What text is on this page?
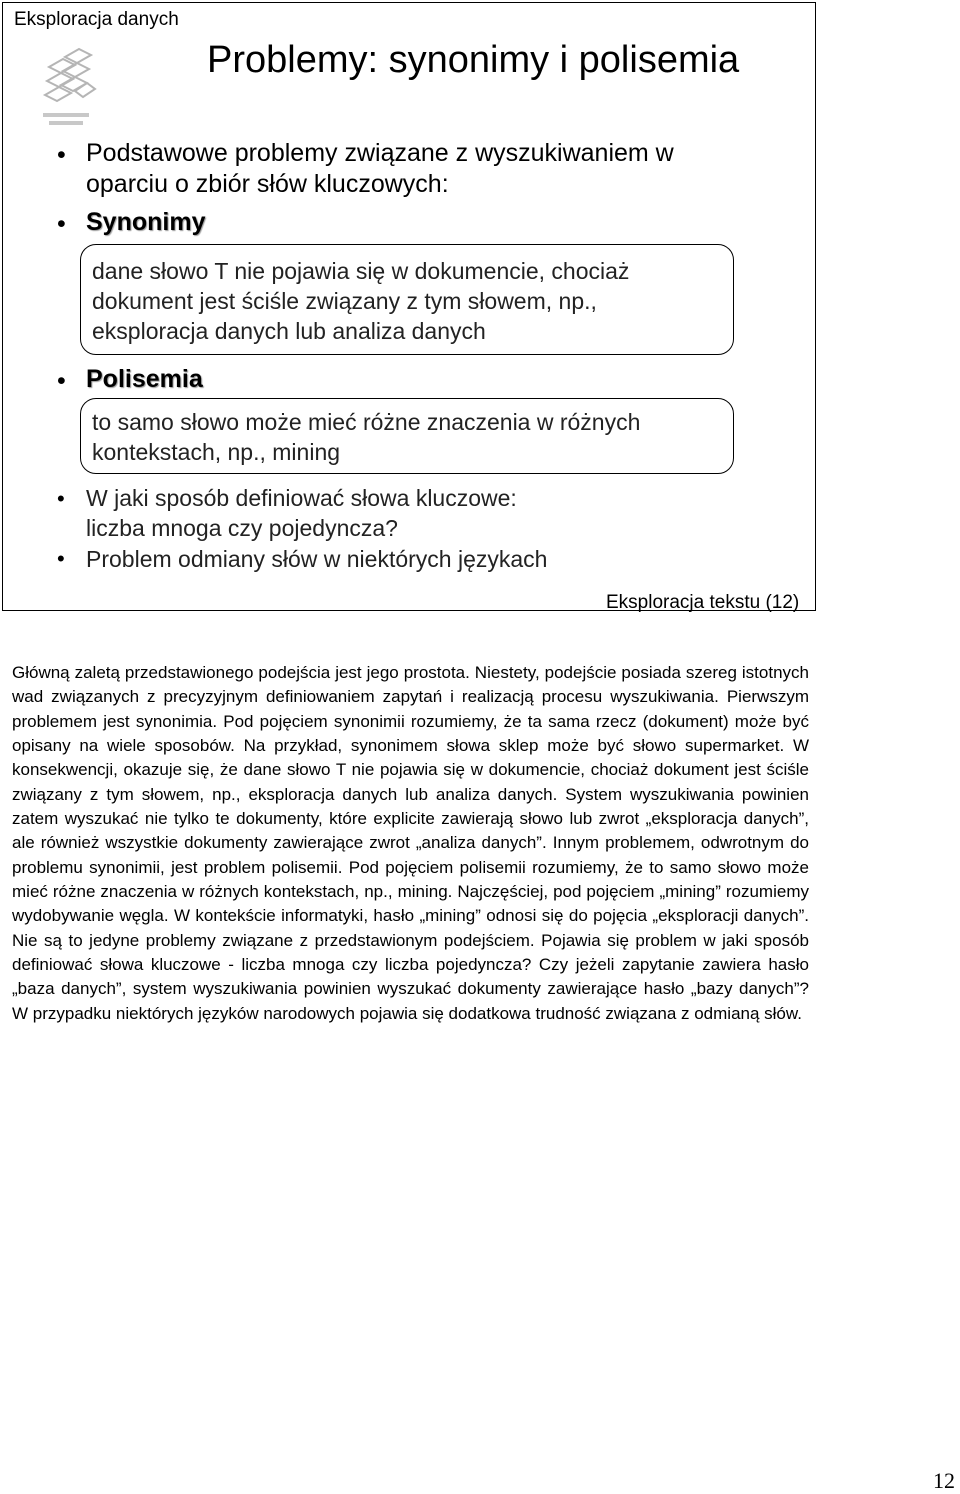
Eksploracja danych
Problemy: synonimy i polisemia
• Podstawowe problemy związane z wyszukiwaniem w
oparciu o zbiór słów kluczowych:
• Synonimy
dane słowo T nie pojawia się w dokumencie, chociaż
dokument jest ściśle związany z tym słowem, np.,
eksploracja danych lub analiza danych
• Polisemia
to samo słowo może mieć różne znaczenia w różnych
kontekstach, np., mining
• W jaki sposób definiować słowa kluczowe:
liczba mnoga czy pojedyncza?
• Problem odmiany słów w niektórych językach
Eksploracja tekstu (12)
Główną zaletą przedstawionego podejścia jest jego prostota. Niestety, podejście posiada szereg istotnych wad związanych z precyzyjnym definiowaniem zapytań i realizacją procesu wyszukiwania. Pierwszym problemem jest synonimia. Pod pojęciem synonimii rozumiemy, że ta sama rzecz (dokument) może być opisany na wiele sposobów. Na przykład, synonimem słowa sklep może być słowo supermarket. W konsekwencji, okazuje się, że dane słowo T nie pojawia się w dokumencie, chociaż dokument jest ściśle związany z tym słowem, np., eksploracja danych lub analiza danych. System wyszukiwania powinien zatem wyszukać nie tylko te dokumenty, które explicite zawierają słowo lub zwrot „eksploracja danych”, ale również wszystkie dokumenty zawierające zwrot „analiza danych”. Innym problemem, odwrotnym do problemu synonimii, jest problem polisemii. Pod pojęciem polisemii rozumiemy, że to samo słowo może mieć różne znaczenia w różnych kontekstach, np., mining. Najczęściej, pod pojęciem „mining” rozumiemy wydobywanie węgla. W kontekście informatyki, hasło „mining” odnosi się do pojęcia „eksploracji danych”. Nie są to jedyne problemy związane z przedstawionym podejściem. Pojawia się problem w jaki sposób definiować słowa kluczowe - liczba mnoga czy liczba pojedyncza? Czy jeżeli zapytanie zawiera hasło „baza danych”, system wyszukiwania powinien wyszukać dokumenty zawierające hasło „bazy danych”? W przypadku niektórych języków narodowych pojawia się dodatkowa trudność związana z odmianą słów.
12
